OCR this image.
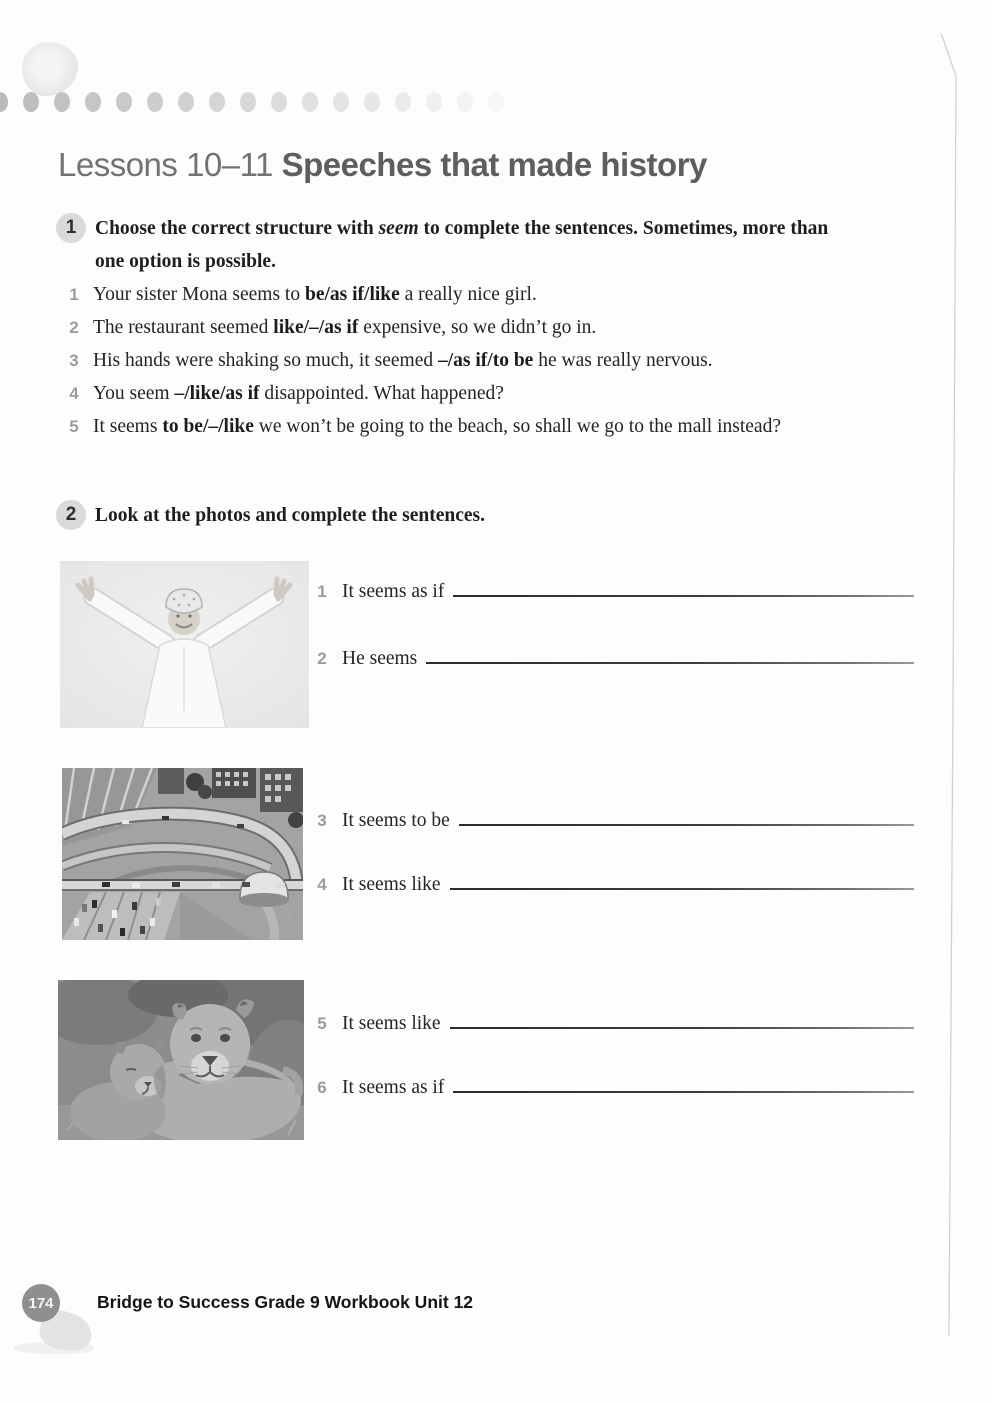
Lessons 10–11 Speeches that made history
1 Choose the correct structure with seem to complete the sentences. Sometimes, more than
one option is possible.
1 Your sister Mona seems to be/as if/like a really nice girl.
2 The restaurant seemed like/–/as if expensive, so we didn’t go in.
3 His hands were shaking so much, it seemed –/as if/to be he was really nervous.
4 You seem –/like/as if disappointed. What happened?
5 It seems to be/–/like we won’t be going to the beach, so shall we go to the mall instead?
2 Look at the photos and complete the sentences.
1 It seems as if
2 He seems
3 It seems to be
4 It seems like
5 It seems like
6 It seems as if
174 Bridge to Success Grade 9 Workbook Unit 12
